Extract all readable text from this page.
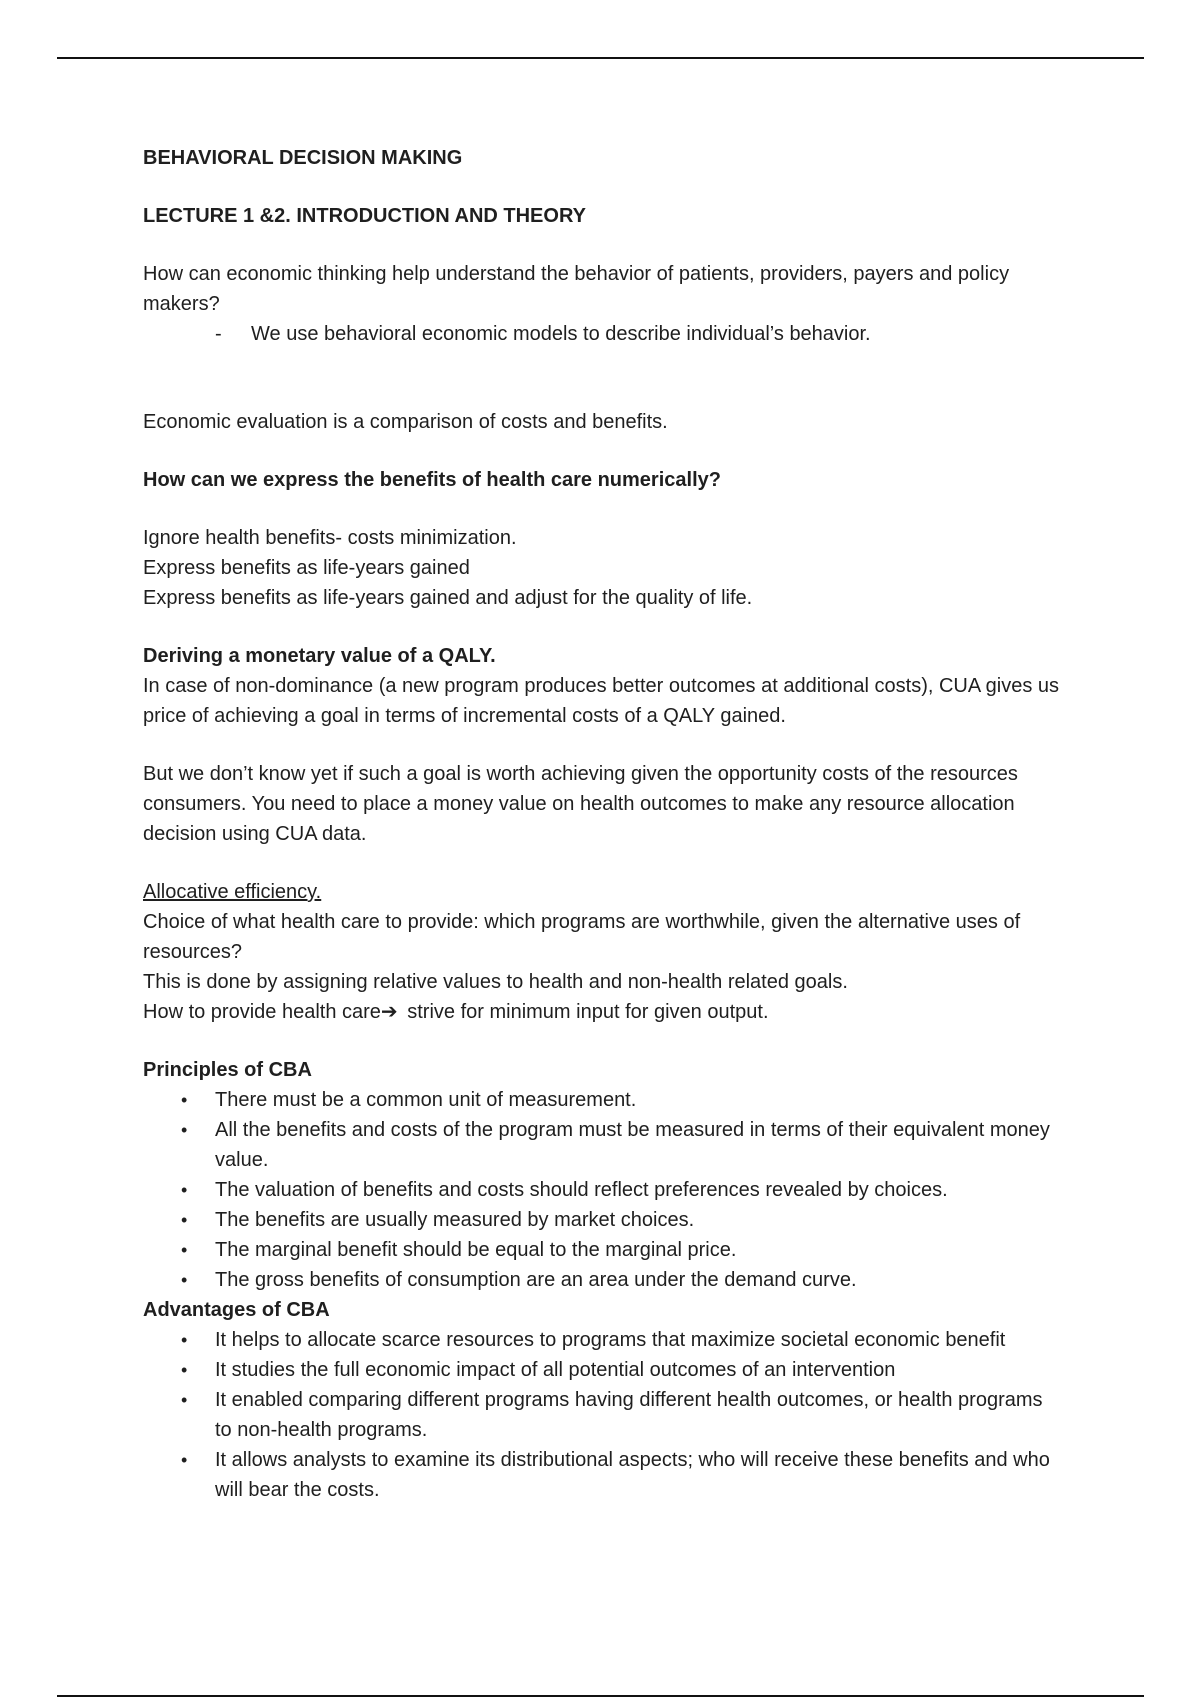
BEHAVIORAL DECISION MAKING

LECTURE 1 &2. INTRODUCTION AND THEORY

How can economic thinking help understand the behavior of patients, providers, payers and policy makers?

- We use behavioral economic models to describe individual’s behavior.

Economic evaluation is a comparison of costs and benefits.

How can we express the benefits of health care numerically?

Ignore health benefits- costs minimization.

Express benefits as life-years gained

Express benefits as life-years gained and adjust for the quality of life.

Deriving a monetary value of a QALY.

In case of non-dominance (a new program produces better outcomes at additional costs), CUA gives us price of achieving a goal in terms of incremental costs of a QALY gained.

But we don’t know yet if such a goal is worth achieving given the opportunity costs of the resources consumers. You need to place a money value on health outcomes to make any resource allocation decision using CUA data.

Allocative efficiency.

Choice of what health care to provide: which programs are worthwhile, given the alternative uses of resources?

This is done by assigning relative values to health and non-health related goals.

How to provide health care➔ strive for minimum input for given output.

Principles of CBA

• There must be a common unit of measurement.
• All the benefits and costs of the program must be measured in terms of their equivalent money value.
• The valuation of benefits and costs should reflect preferences revealed by choices.
• The benefits are usually measured by market choices.
• The marginal benefit should be equal to the marginal price.
• The gross benefits of consumption are an area under the demand curve.

Advantages of CBA

• It helps to allocate scarce resources to programs that maximize societal economic benefit
• It studies the full economic impact of all potential outcomes of an intervention
• It enabled comparing different programs having different health outcomes, or health programs to non-health programs.
• It allows analysts to examine its distributional aspects; who will receive these benefits and who will bear the costs.
